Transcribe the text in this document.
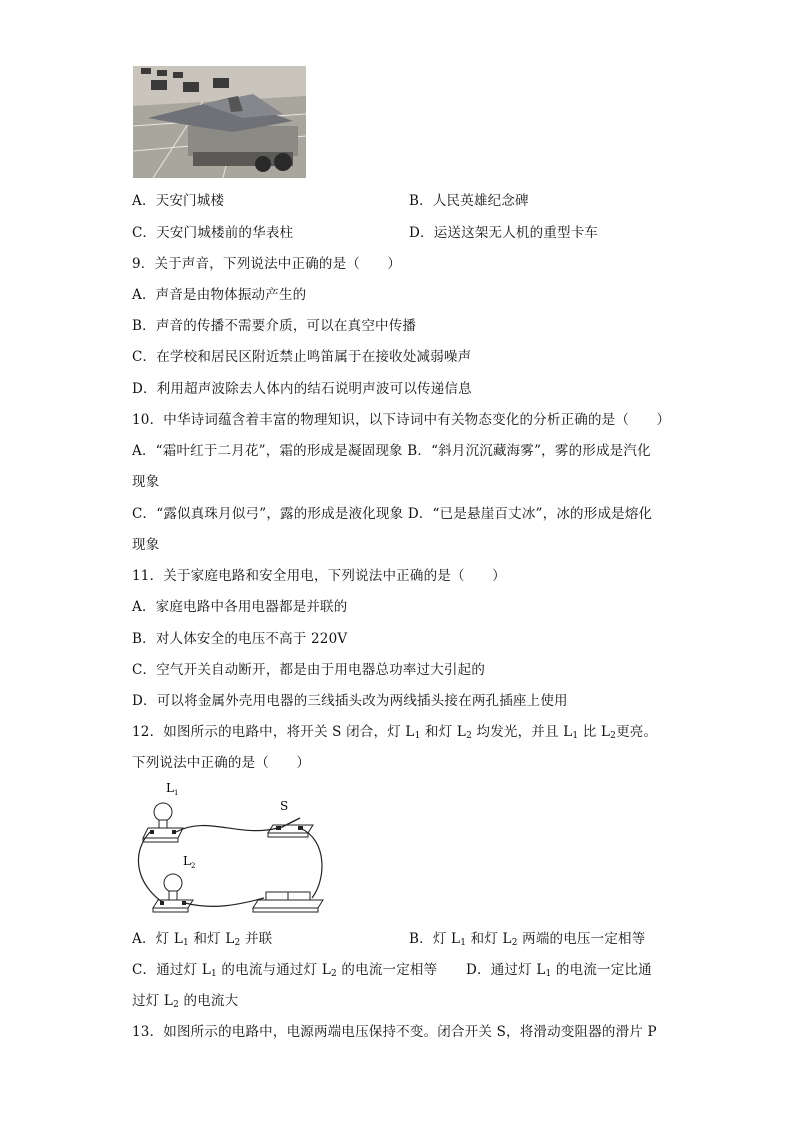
A．天安门城楼	B．人民英雄纪念碑
C．天安门城楼前的华表柱	D．运送这架无人机的重型卡车
9．关于声音，下列说法中正确的是（　　）
A．声音是由物体振动产生的
B．声音的传播不需要介质，可以在真空中传播
C．在学校和居民区附近禁止鸣笛属于在接收处减弱噪声
D．利用超声波除去人体内的结石说明声波可以传递信息
10．中华诗词蕴含着丰富的物理知识，以下诗词中有关物态变化的分析正确的是（　　）
A．“霜叶红于二月花”，霜的形成是凝固现象 B．“斜月沉沉藏海雾”，雾的形成是汽化
现象
C．“露似真珠月似弓”，露的形成是液化现象 D．“已是悬崖百丈冰”，冰的形成是熔化
现象
11．关于家庭电路和安全用电，下列说法中正确的是（　　）
A．家庭电路中各用电器都是并联的
B．对人体安全的电压不高于 220V
C．空气开关自动断开，都是由于用电器总功率过大引起的
D．可以将金属外壳用电器的三线插头改为两线插头接在两孔插座上使用
12．如图所示的电路中，将开关 S 闭合，灯 $L_1$ 和灯 $L_2$ 均发光，并且 $L_1$ 比 $L_2$更亮。
下列说法中正确的是（　　）
$L_1$
S
$L_2$
A．灯 $L_1$ 和灯 $L_2$ 并联	B．灯 $L_1$ 和灯 $L_2$ 两端的电压一定相等
C．通过灯 $L_1$ 的电流与通过灯 $L_2$ 的电流一定相等 D．通过灯 $L_1$ 的电流一定比通
过灯 $L_2$ 的电流大
13．如图所示的电路中，电源两端电压保持不变。闭合开关 S，将滑动变阻器的滑片 P
